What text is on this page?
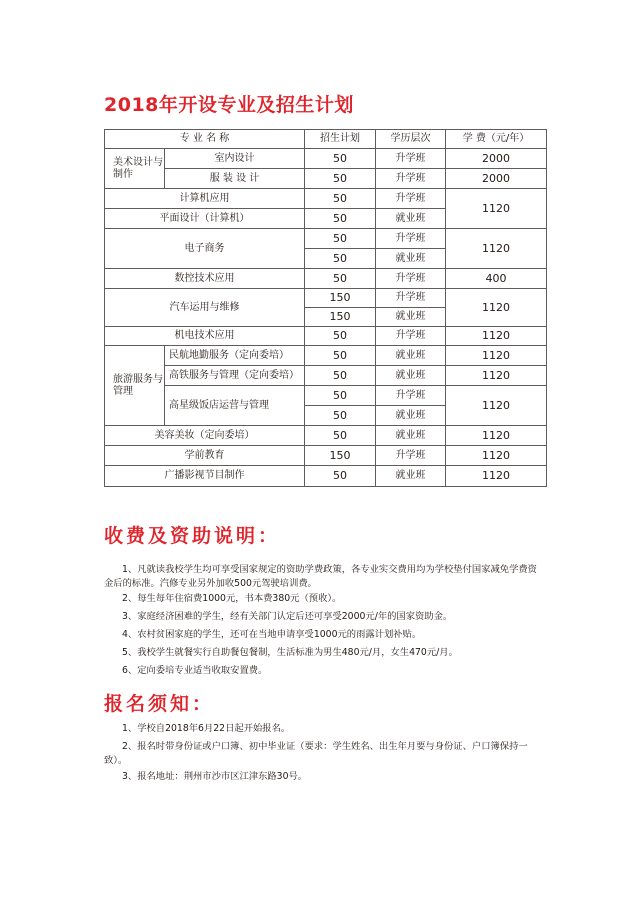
2018年开设专业及招生计划
专 业 名 称		招生计划	学历层次	学 费（元/年）
美术设计与制作	室内设计	50	升学班	2000
	服 装 设 计	50	升学班	2000
计算机应用		50	升学班	1120
平面设计（计算机）		50	就业班	
电子商务		50	升学班	1120
		50	就业班	
数控技术应用		50	升学班	400
汽车运用与维修		150	升学班	1120
		150	就业班	
机电技术应用		50	升学班	1120
旅游服务与管理	民航地勤服务（定向委培）	50	就业班	1120
	高铁服务与管理（定向委培）	50	就业班	1120
	高星级饭店运营与管理	50	升学班	1120
		50	就业班	
美容美妆（定向委培）		50	就业班	1120
学前教育		150	升学班	1120
广播影视节目制作		50	就业班	1120
收费及资助说明：

1、凡就读我校学生均可享受国家规定的资助学费政策，各专业实交费用均为学校垫付国家减免学费资金后的标准。汽修专业另外加收500元驾驶培训费。

2、每生每年住宿费1000元，书本费380元（预收）。

3、家庭经济困难的学生，经有关部门认定后还可享受2000元/年的国家资助金。

4、农村贫困家庭的学生，还可在当地申请享受1000元的雨露计划补贴。

5、我校学生就餐实行自助餐包餐制，生活标准为男生480元/月，女生470元/月。

6、定向委培专业适当收取安置费。

报名须知：

1、学校自2018年6月22日起开始报名。

2、报名时带身份证或户口簿、初中毕业证（要求：学生姓名、出生年月要与身份证、户口簿保持一致）。

3、报名地址：荆州市沙市区江津东路30号。
